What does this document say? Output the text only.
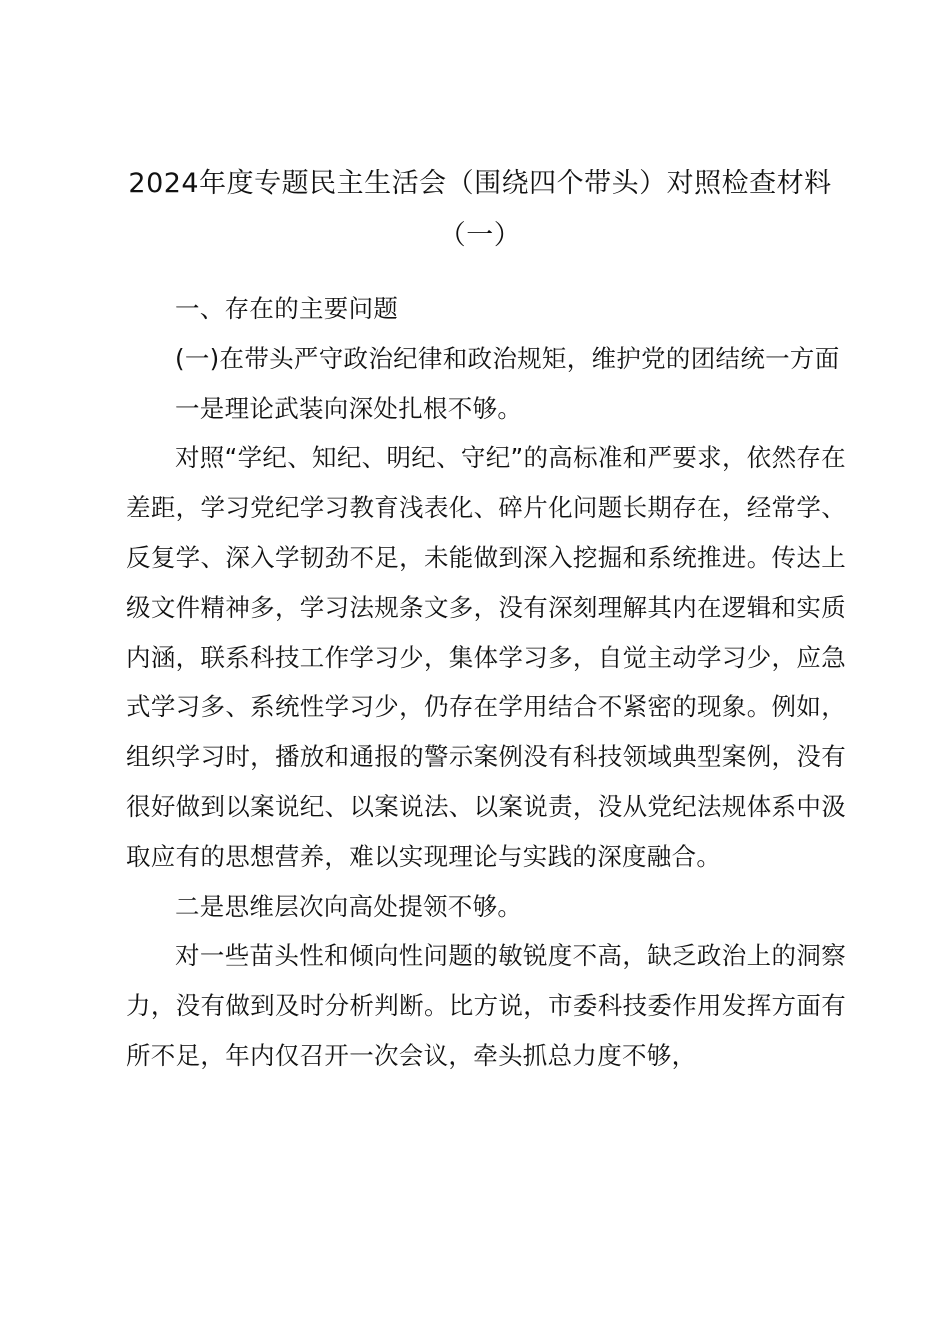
2024年度专题民主生活会（围绕四个带头）对照检查材料（一）

一、存在的主要问题

(一)在带头严守政治纪律和政治规矩，维护党的团结统一方面

一是理论武装向深处扎根不够。

对照“学纪、知纪、明纪、守纪”的高标准和严要求，依然存在差距，学习党纪学习教育浅表化、碎片化问题长期存在，经常学、反复学、深入学韧劲不足，未能做到深入挖掘和系统推进。传达上级文件精神多，学习法规条文多，没有深刻理解其内在逻辑和实质内涵，联系科技工作学习少，集体学习多，自觉主动学习少，应急式学习多、系统性学习少，仍存在学用结合不紧密的现象。例如，组织学习时，播放和通报的警示案例没有科技领域典型案例，没有很好做到以案说纪、以案说法、以案说责，没从党纪法规体系中汲取应有的思想营养，难以实现理论与实践的深度融合。

二是思维层次向高处提领不够。

对一些苗头性和倾向性问题的敏锐度不高，缺乏政治上的洞察力，没有做到及时分析判断。比方说，市委科技委作用发挥方面有所不足，年内仅召开一次会议，牵头抓总力度不够，
